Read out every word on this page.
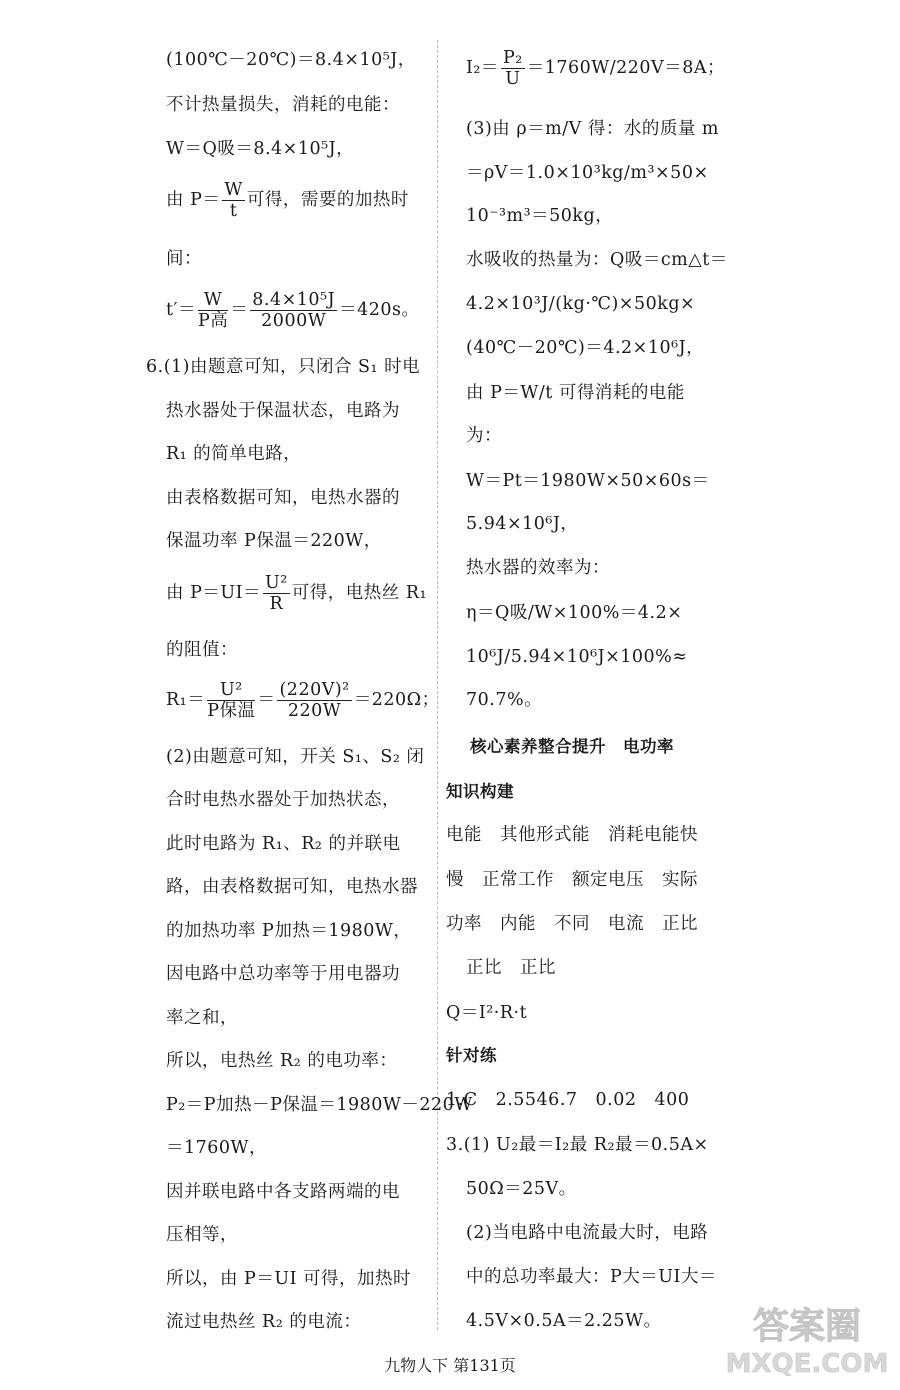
(100℃－20℃)＝8.4×10⁵J，
不计热量损失，消耗的电能：
W＝Q吸＝8.4×10⁵J，
由 $P= \frac{W}{t}$ 可得，需要的加热时
间：
$t'= \frac{W}{\text{P高}} = \frac{\text{8.4×10⁵J}}{2000W} =420s$。
6.(1)由题意可知，只闭合 S₁ 时电
热水器处于保温状态，电路为
R₁ 的简单电路，
由表格数据可知，电热水器的
保温功率 P保温＝220W，
由 $P=UI= \frac{\text{U²}}{R}$ 可得，电热丝 R₁
的阻值：
$R_1= \frac{\text{U²}}{\text{P保温}} = \frac{\text{(220V)²}}{220W} =220\Omega$；
(2)由题意可知，开关 S₁、S₂ 闭
合时电热水器处于加热状态，
此时电路为 R₁、R₂ 的并联电
路，由表格数据可知，电热水器
的加热功率 P加热＝1980W，
因电路中总功率等于用电器功
率之和，
所以，电热丝 R₂ 的电功率：
P₂＝P加热－P保温＝1980W－220W
＝1760W，
因并联电路中各支路两端的电
压相等，
所以，由 P＝UI 可得，加热时
流过电热丝 R₂ 的电流：
$I_2= \frac{\text{P₂}}{U} =1760W/220V=8A$；
(3)由 ρ＝m/V 得：水的质量 m
＝ρV＝1.0×10³kg/m³×50×
10⁻³m³＝50kg，
水吸收的热量为：Q吸＝cm△t＝
4.2×10³J/(kg·℃)×50kg×
(40℃－20℃)＝4.2×10⁶J，
由 P＝W/t 可得消耗的电能
为：
W＝Pt＝1980W×50×60s＝
5.94×10⁶J，
热水器的效率为：
η＝Q吸/W×100%＝4.2×
10⁶J/5.94×10⁶J×100%≈
70.7%。
核心素养整合提升　电功率
知识构建
电能　其他形式能　消耗电能快
慢　正常工作　额定电压　实际
功率　内能　不同　电流　正比
正比　正比
Q＝I²·R·t
针对练
1.C　2.5546.7　0.02　400
3.(1) U₂最＝I₂最 R₂最＝0.5A×
50Ω＝25V。
(2)当电路中电流最大时，电路
中的总功率最大：P大＝UI大＝
4.5V×0.5A＝2.25W。
九物人下 第131页
答案圈
MXQE.COM
